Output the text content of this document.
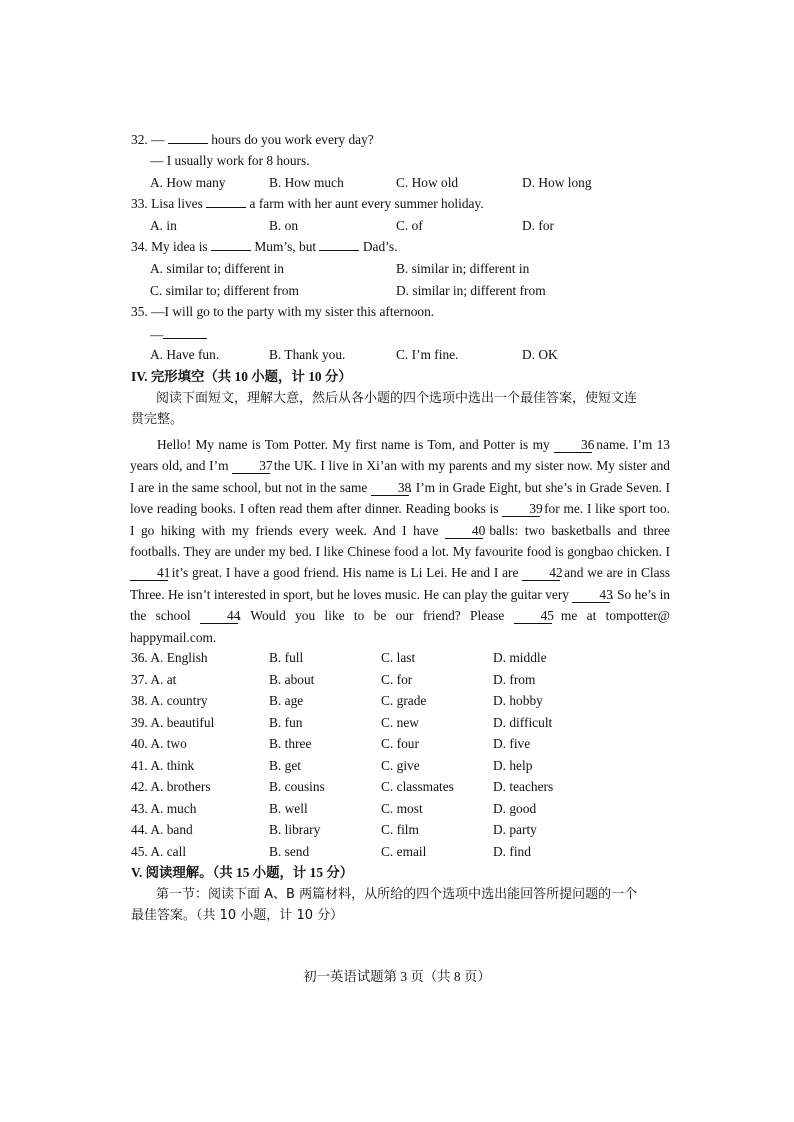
32. —	hours do you work every day?
— I usually work for 8 hours.
A. How many	B. How much	C. How old	D. How long
33. Lisa lives	a farm with her aunt every summer holiday.
A. in	B. on	C. of	D. for
34. My idea is	Mum’s, but	Dad’s.
A. similar to; different in	B. similar in; different in
C. similar to; different from	D. similar in; different from
35. —I will go to the party with my sister this afternoon.
—
A. Have fun.	B. Thank you.	C. I’m fine.	D. OK
IV. 完形填空（共 10 小题，计 10 分）
阅读下面短文，理解大意，然后从各小题的四个选项中选出一个最佳答案，使短文连
贯完整。

Hello! My name is Tom Potter. My first name is Tom, and Potter is my 36 name. I’m 13 years old, and I’m 37 the UK. I live in Xi’an with my parents and my sister now. My sister and I are in the same school, but not in the same 38. I’m in Grade Eight, but she’s in Grade Seven. I love reading books. I often read them after dinner. Reading books is 39 for me. I like sport too. I go hiking with my friends every week. And I have 40 balls: two basketballs and three footballs. They are under my bed. I like Chinese food a lot. My favourite food is gongbao chicken. I 41 it’s great. I have a good friend. His name is Li Lei. He and I are 42 and we are in Class Three. He isn’t interested in sport, but he loves music. He can play the guitar very 43. So he’s in the school 44. Would you like to be our friend? Please 45 me at tompotter@ happymail.com.

36. A. English	B. full	C. last	D. middle
37. A. at	B. about	C. for	D. from
38. A. country	B. age	C. grade	D. hobby
39. A. beautiful	B. fun	C. new	D. difficult
40. A. two	B. three	C. four	D. five
41. A. think	B. get	C. give	D. help
42. A. brothers	B. cousins	C. classmates	D. teachers
43. A. much	B. well	C. most	D. good
44. A. band	B. library	C. film	D. party
45. A. call	B. send	C. email	D. find
V. 阅读理解。（共 15 小题，计 15 分）
第一节：阅读下面 A、B 两篇材料，从所给的四个选项中选出能回答所提问题的一个
最佳答案。（共 10 小题，计 10 分）
初一英语试题第 3 页（共 8 页）
